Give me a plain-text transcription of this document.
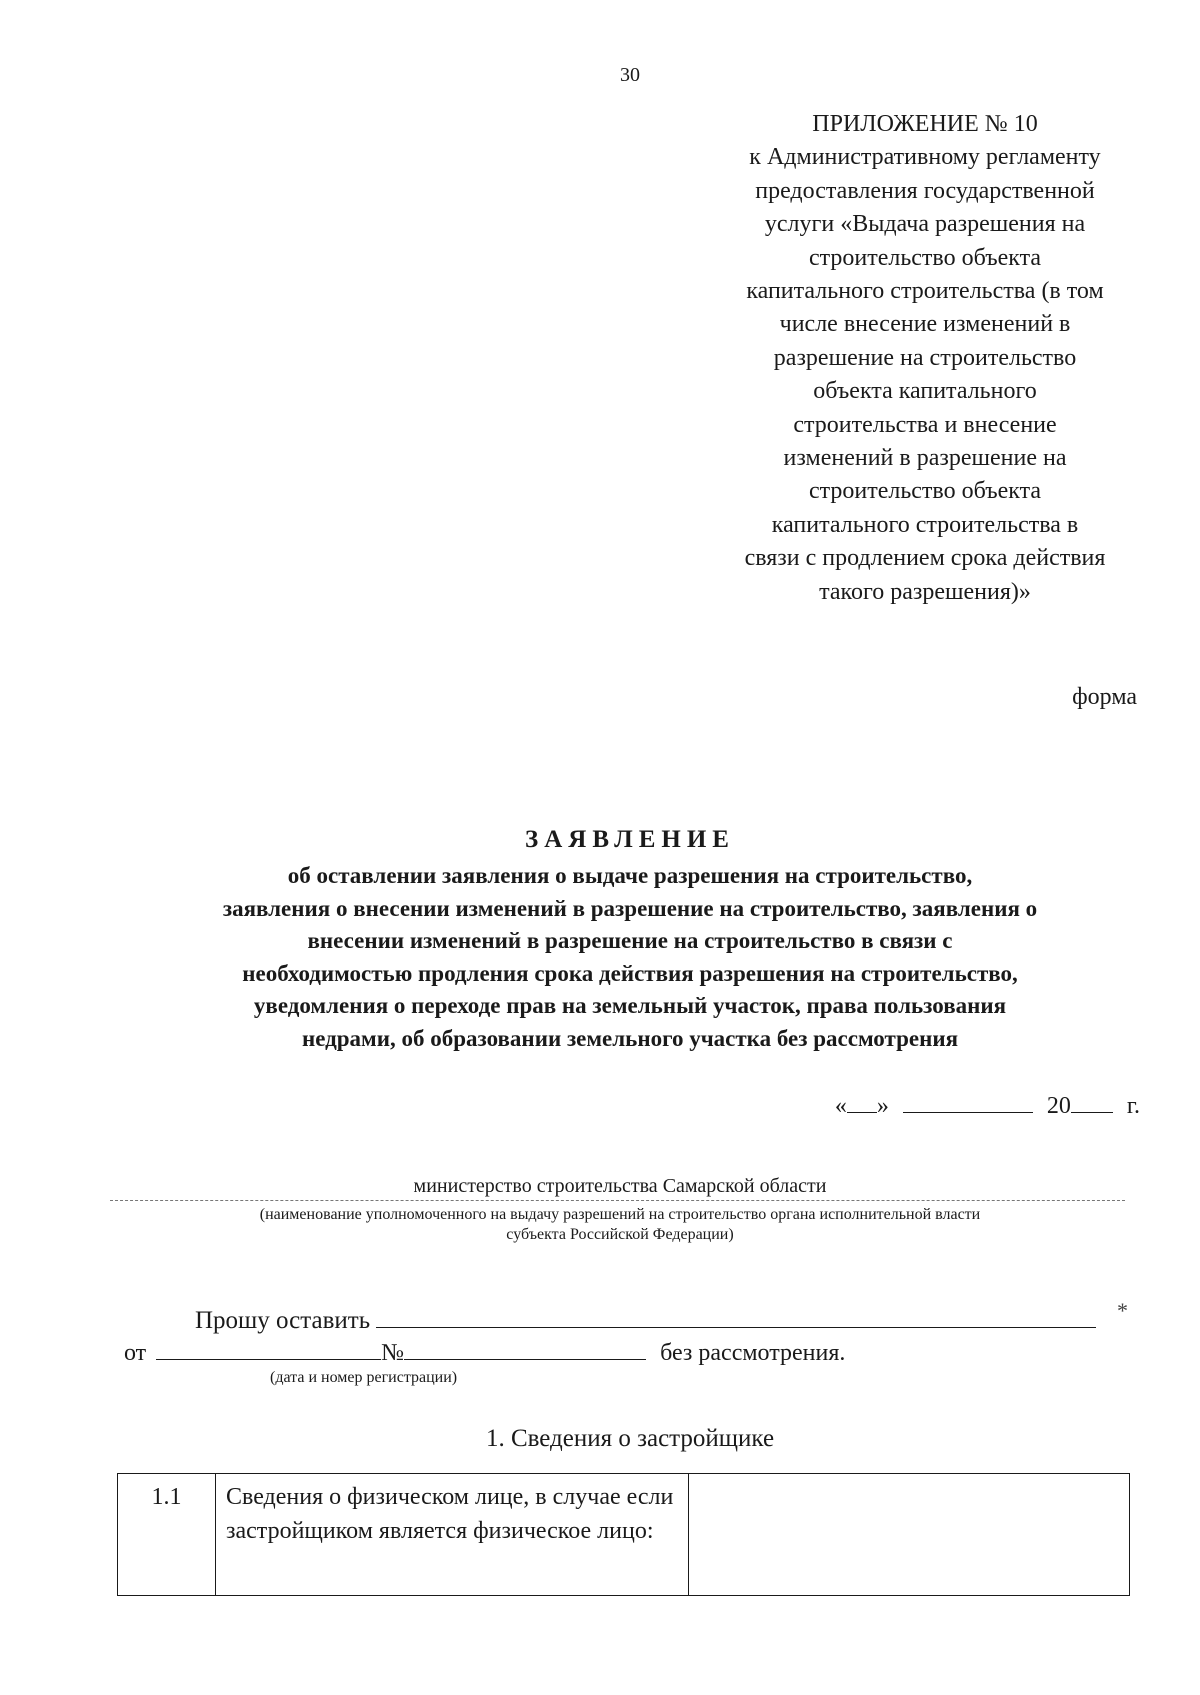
30
ПРИЛОЖЕНИЕ № 10
к Административному регламенту
предоставления государственной
услуги «Выдача разрешения на
строительство объекта
капитального строительства (в том
числе внесение изменений в
разрешение на строительство
объекта капитального
строительства и внесение
изменений в разрешение на
строительство объекта
капитального строительства в
связи с продлением срока действия
такого разрешения)»
форма
ЗАЯВЛЕНИЕ
об оставлении заявления о выдаче разрешения на строительство,
заявления о внесении изменений в разрешение на строительство, заявления о
внесении изменений в разрешение на строительство в связи с
необходимостью продления срока действия разрешения на строительство,
уведомления о переходе прав на земельный участок, права пользования
недрами, об образовании земельного участка без рассмотрения
« »	20 г.
министерство строительства Самарской области
(наименование уполномоченного на выдачу разрешений на строительство органа исполнительной власти
субъекта Российской Федерации)
Прошу оставить	*
от	№	без рассмотрения.
(дата и номер регистрации)
1. Сведения о застройщике
1.1	Сведения о физическом лице, в случае если застройщиком является физическое лицо:	
